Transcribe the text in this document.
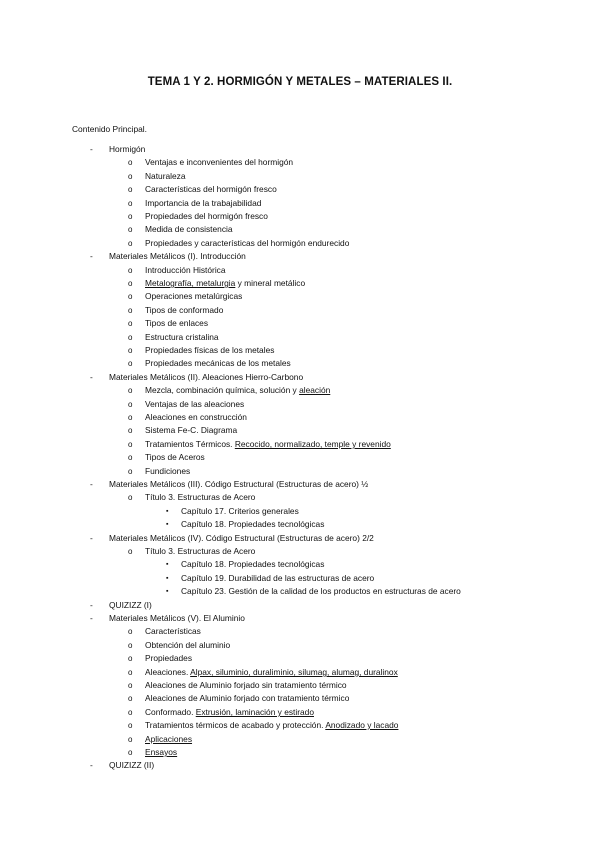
TEMA 1 Y 2. HORMIGÓN Y METALES – MATERIALES II.
Contenido Principal.
- Hormigón
o Ventajas e inconvenientes del hormigón
o Naturaleza
o Características del hormigón fresco
o Importancia de la trabajabilidad
o Propiedades del hormigón fresco
o Medida de consistencia
o Propiedades y características del hormigón endurecido
- Materiales Metálicos (I). Introducción
o Introducción Histórica
o Metalografía, metalurgia y mineral metálico
o Operaciones metalúrgicas
o Tipos de conformado
o Tipos de enlaces
o Estructura cristalina
o Propiedades físicas de los metales
o Propiedades mecánicas de los metales
- Materiales Metálicos (II). Aleaciones Hierro-Carbono
o Mezcla, combinación química, solución y aleación
o Ventajas de las aleaciones
o Aleaciones en construcción
o Sistema Fe-C. Diagrama
o Tratamientos Térmicos. Recocido, normalizado, temple y revenido
o Tipos de Aceros
o Fundiciones
- Materiales Metálicos (III). Código Estructural (Estructuras de acero) ½
o Título 3. Estructuras de Acero
▪ Capítulo 17. Criterios generales
▪ Capítulo 18. Propiedades tecnológicas
- Materiales Metálicos (IV). Código Estructural (Estructuras de acero) 2/2
o Título 3. Estructuras de Acero
▪ Capítulo 18. Propiedades tecnológicas
▪ Capítulo 19. Durabilidad de las estructuras de acero
▪ Capítulo 23. Gestión de la calidad de los productos en estructuras de acero
- QUIZIZZ (I)
- Materiales Metálicos (V). El Aluminio
o Características
o Obtención del aluminio
o Propiedades
o Aleaciones. Alpax, siluminio, duraliminio, silumag, alumag, duralinox
o Aleaciones de Aluminio forjado sin tratamiento térmico
o Aleaciones de Aluminio forjado con tratamiento térmico
o Conformado. Extrusión, laminación y estirado
o Tratamientos térmicos de acabado y protección. Anodizado y lacado
o Aplicaciones
o Ensayos
- QUIZIZZ (II)
